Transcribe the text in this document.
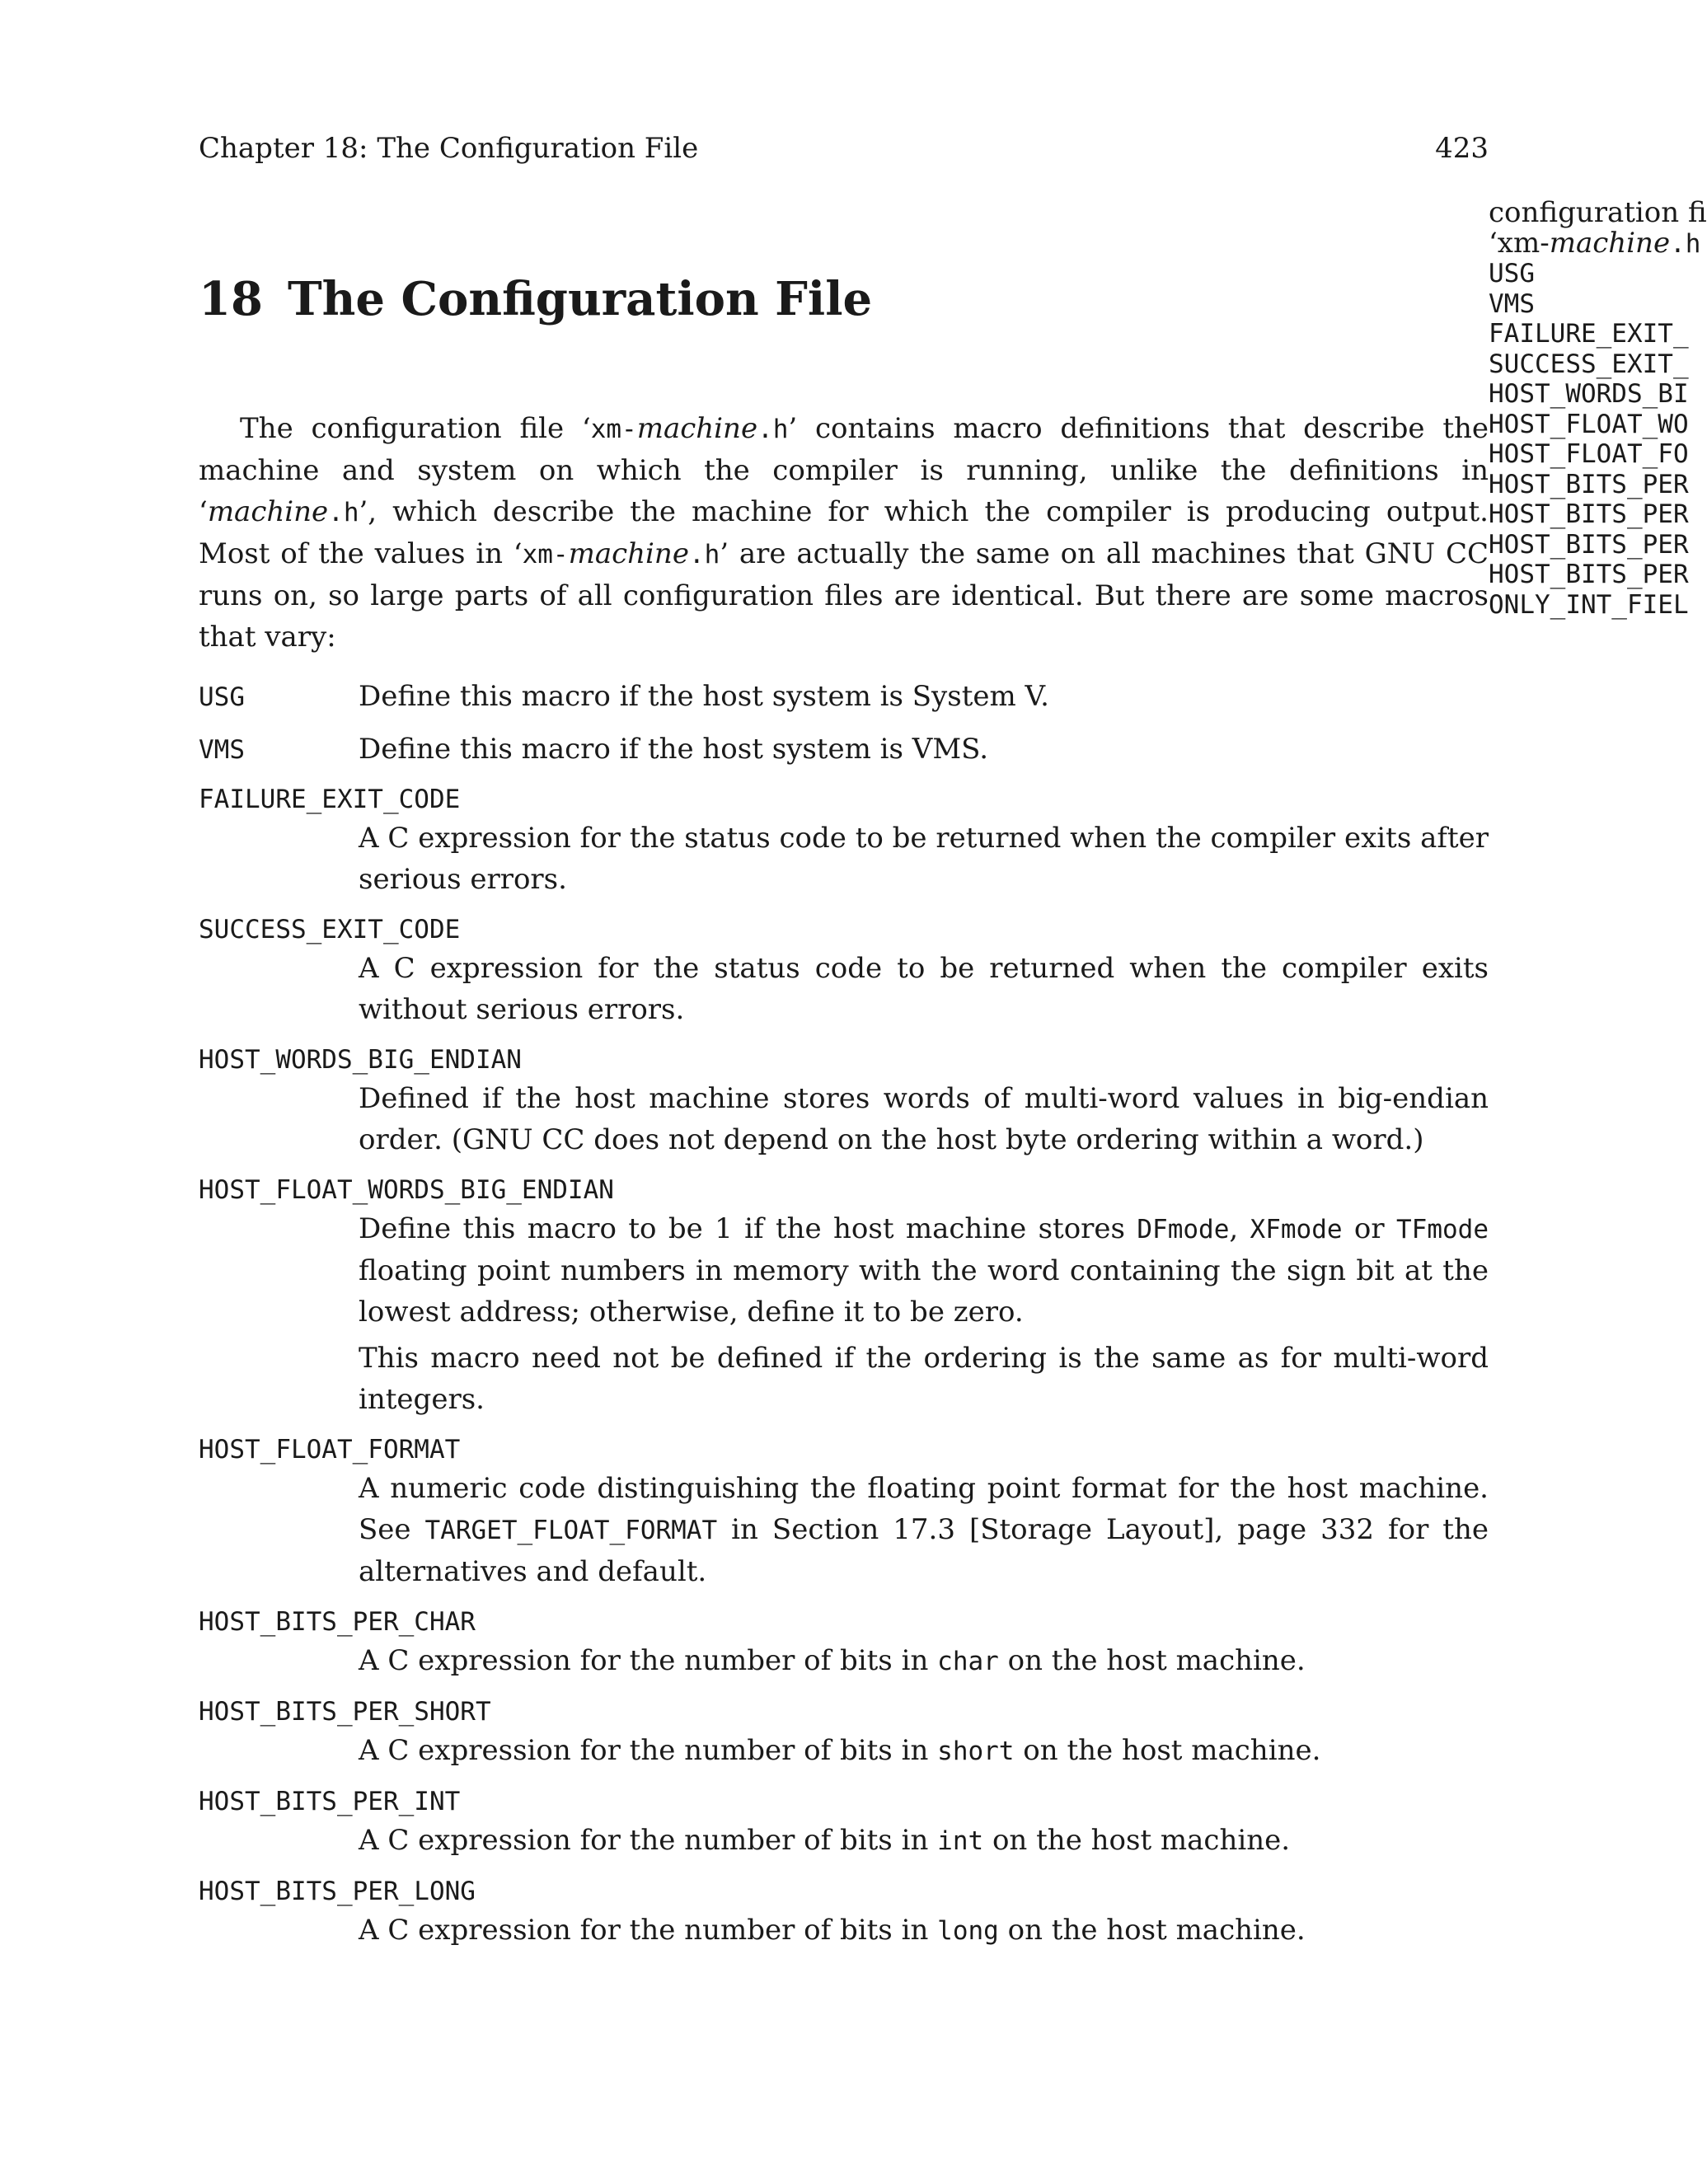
Chapter 18: The Configuration File	423
18 The Configuration File

The configuration file ‘xm-machine.h’ contains macro definitions that describe the machine and system on which the compiler is running, unlike the definitions in ‘machine.h’, which describe the machine for which the compiler is producing output. Most of the values in ‘xm-machine.h’ are actually the same on all machines that GNU CC runs on, so large parts of all configuration files are identical. But there are some macros that vary:

USG	Define this macro if the host system is System V.
VMS	Define this macro if the host system is VMS.
FAILURE_EXIT_CODE
A C expression for the status code to be returned when the compiler exits after serious errors.
SUCCESS_EXIT_CODE
A C expression for the status code to be returned when the compiler exits without serious errors.
HOST_WORDS_BIG_ENDIAN
Defined if the host machine stores words of multi-word values in big-endian order. (GNU CC does not depend on the host byte ordering within a word.)
HOST_FLOAT_WORDS_BIG_ENDIAN

Define this macro to be 1 if the host machine stores DFmode, XFmode or TFmode floating point numbers in memory with the word containing the sign bit at the lowest address; otherwise, define it to be zero.

This macro need not be defined if the ordering is the same as for multi-word integers.

HOST_FLOAT_FORMAT
A numeric code distinguishing the floating point format for the host machine. See TARGET_FLOAT_FORMAT in Section 17.3 [Storage Layout], page 332 for the alternatives and default.
HOST_BITS_PER_CHAR
A C expression for the number of bits in char on the host machine.
HOST_BITS_PER_SHORT
A C expression for the number of bits in short on the host machine.
HOST_BITS_PER_INT
A C expression for the number of bits in int on the host machine.
HOST_BITS_PER_LONG
A C expression for the number of bits in long on the host machine.
configuration fi
‘xm-machine.h
USG
VMS
FAILURE_EXIT_
SUCCESS_EXIT_
HOST_WORDS_BI
HOST_FLOAT_WO
HOST_FLOAT_FO
HOST_BITS_PER
HOST_BITS_PER
HOST_BITS_PER
HOST_BITS_PER
ONLY_INT_FIEL
